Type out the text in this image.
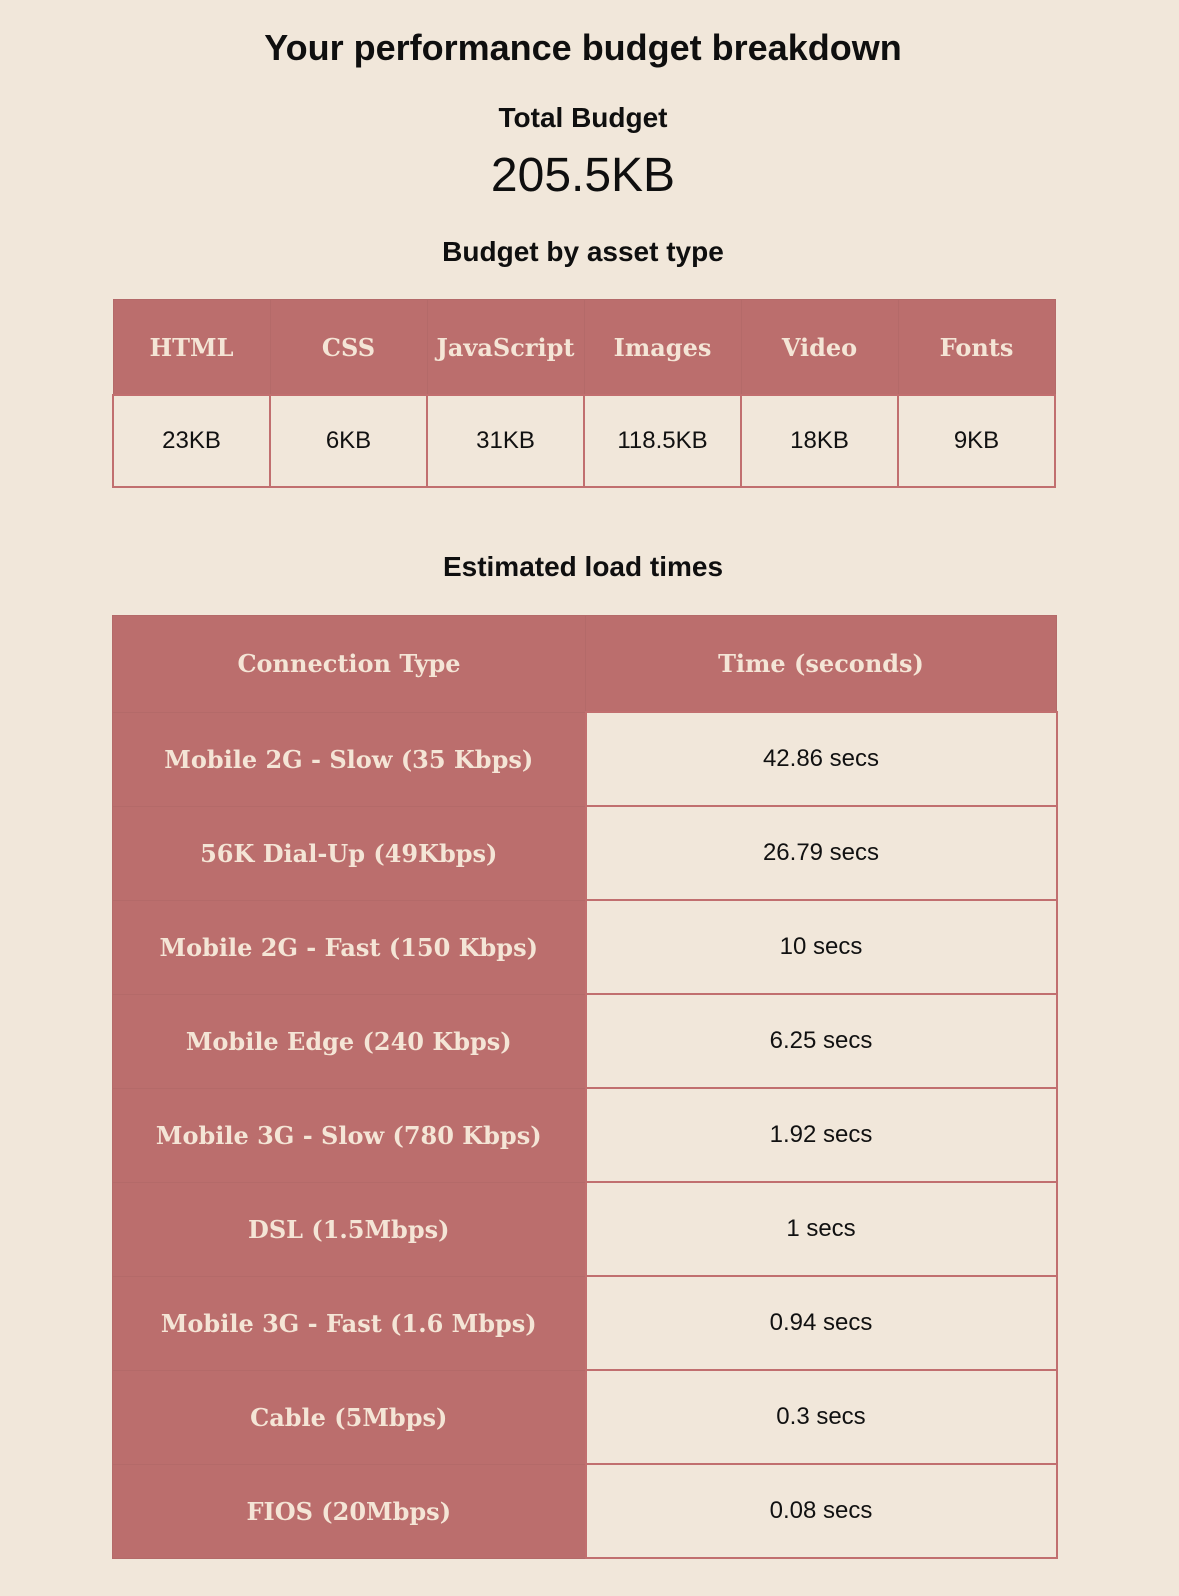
Your performance budget breakdown
Total Budget
205.5KB
Budget by asset type
HTML	CSS	JavaScript	Images	Video	Fonts
23KB	6KB	31KB	118.5KB	18KB	9KB
Estimated load times
Connection Type	Time (seconds)
Mobile 2G - Slow (35 Kbps)	42.86 secs
56K Dial-Up (49Kbps)	26.79 secs
Mobile 2G - Fast (150 Kbps)	10 secs
Mobile Edge (240 Kbps)	6.25 secs
Mobile 3G - Slow (780 Kbps)	1.92 secs
DSL (1.5Mbps)	1 secs
Mobile 3G - Fast (1.6 Mbps)	0.94 secs
Cable (5Mbps)	0.3 secs
FIOS (20Mbps)	0.08 secs
